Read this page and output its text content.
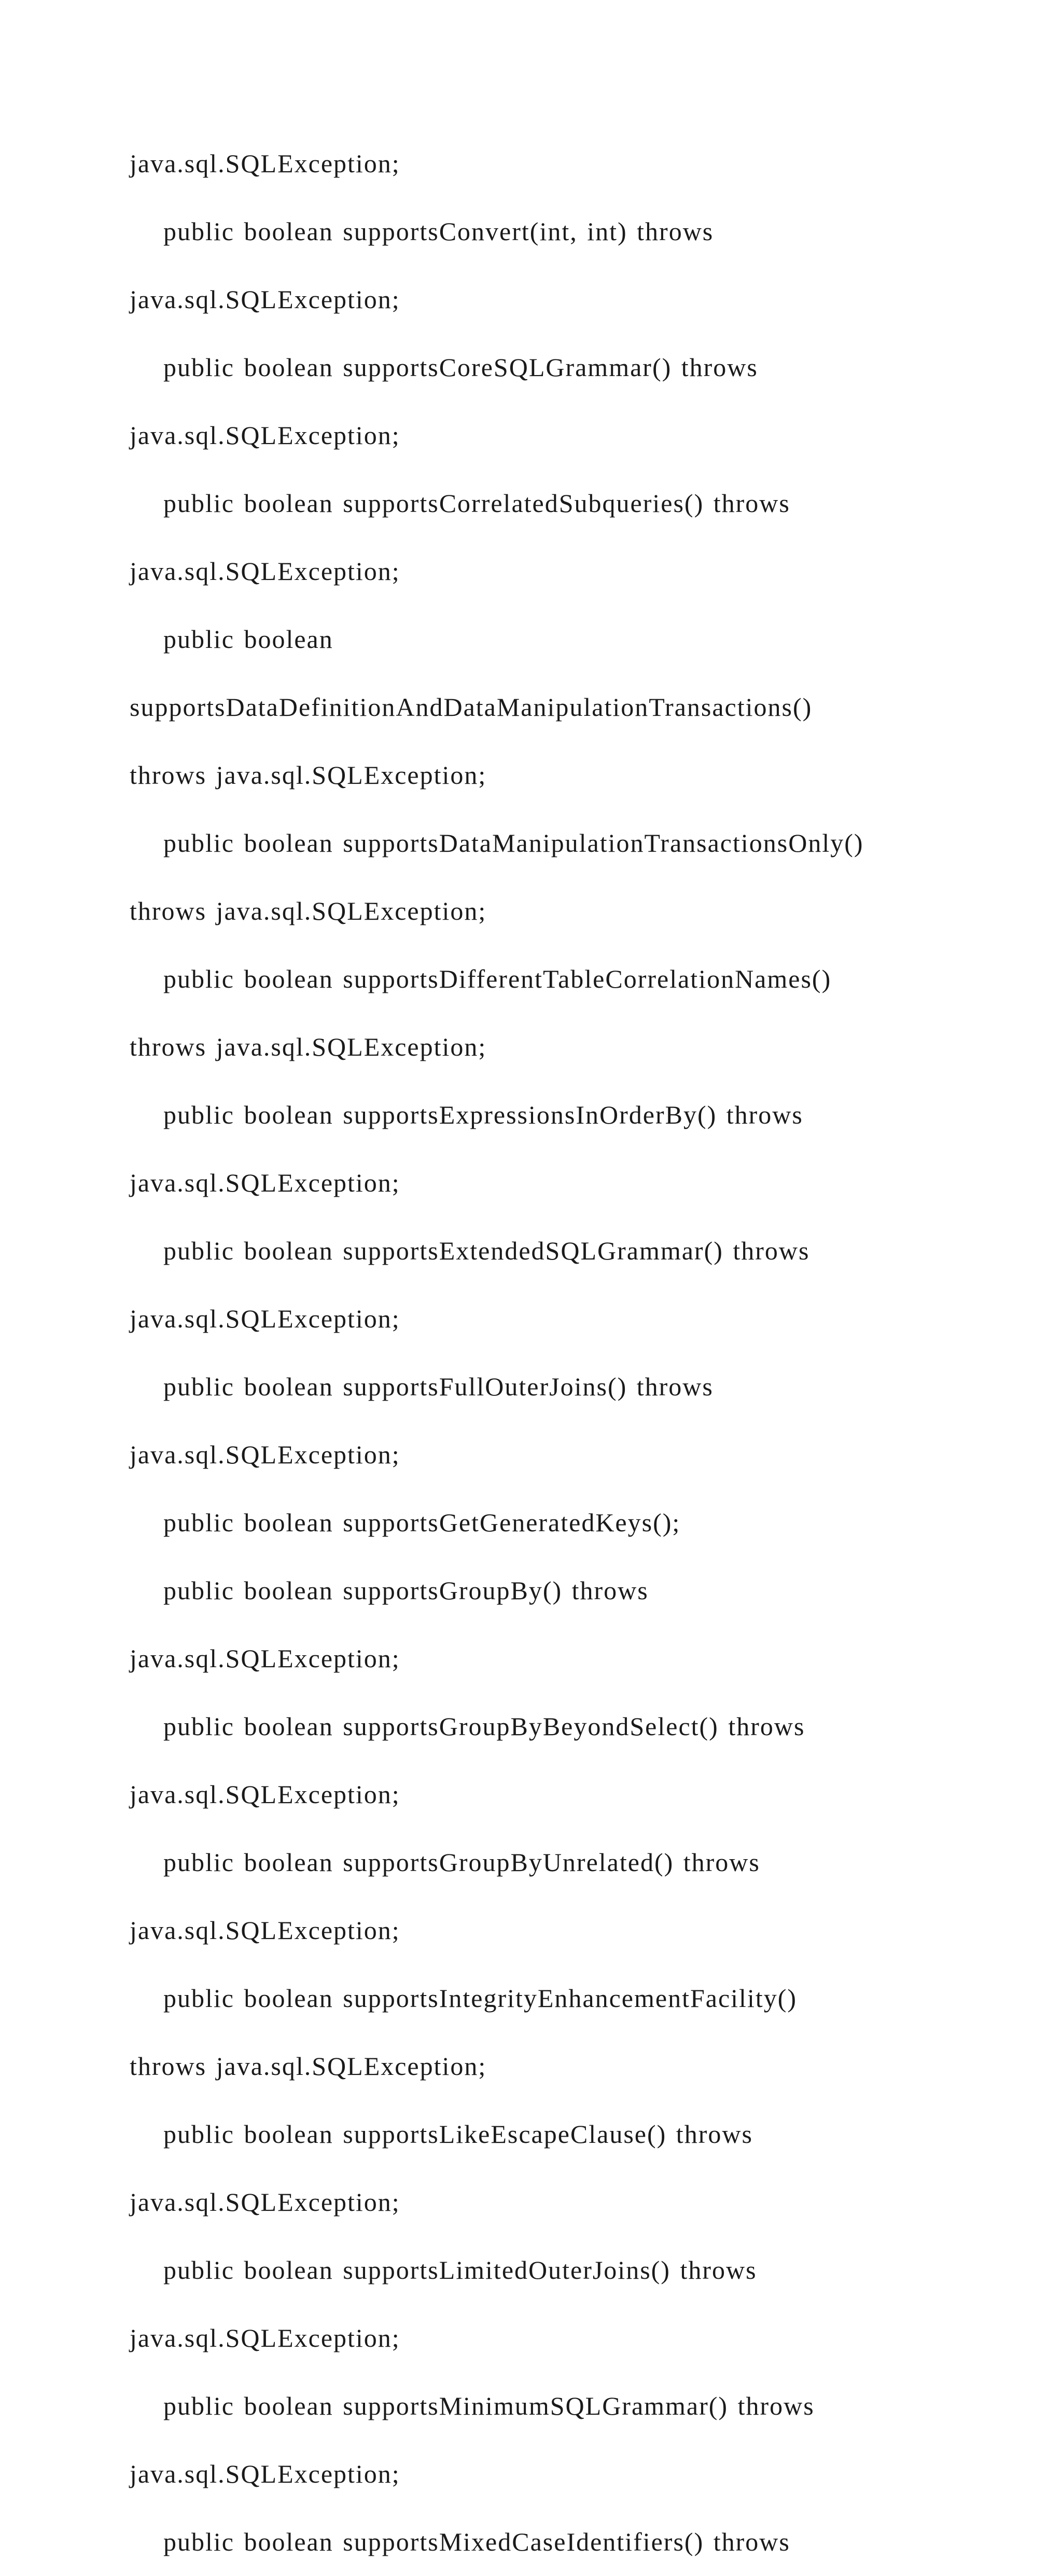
java.sql.SQLException;
public boolean supportsConvert(int, int) throws
java.sql.SQLException;
public boolean supportsCoreSQLGrammar() throws
java.sql.SQLException;
public boolean supportsCorrelatedSubqueries() throws
java.sql.SQLException;
public boolean
supportsDataDefinitionAndDataManipulationTransactions()
throws java.sql.SQLException;
public boolean supportsDataManipulationTransactionsOnly()
throws java.sql.SQLException;
public boolean supportsDifferentTableCorrelationNames()
throws java.sql.SQLException;
public boolean supportsExpressionsInOrderBy() throws
java.sql.SQLException;
public boolean supportsExtendedSQLGrammar() throws
java.sql.SQLException;
public boolean supportsFullOuterJoins() throws
java.sql.SQLException;
public boolean supportsGetGeneratedKeys();
public boolean supportsGroupBy() throws
java.sql.SQLException;
public boolean supportsGroupByBeyondSelect() throws
java.sql.SQLException;
public boolean supportsGroupByUnrelated() throws
java.sql.SQLException;
public boolean supportsIntegrityEnhancementFacility()
throws java.sql.SQLException;
public boolean supportsLikeEscapeClause() throws
java.sql.SQLException;
public boolean supportsLimitedOuterJoins() throws
java.sql.SQLException;
public boolean supportsMinimumSQLGrammar() throws
java.sql.SQLException;
public boolean supportsMixedCaseIdentifiers() throws
